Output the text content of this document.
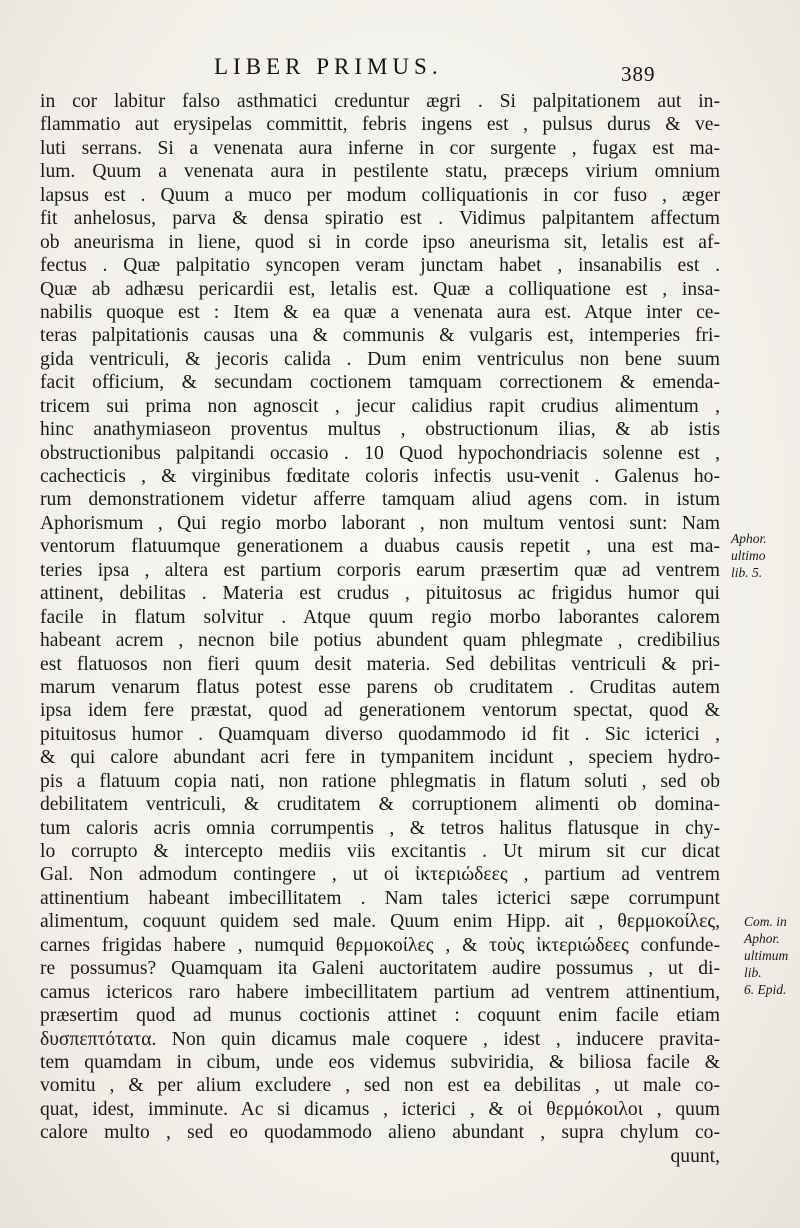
LIBER PRIMUS.	389
in cor labitur falso asthmatici creduntur ægri . Si palpitationem aut in-
flammatio aut erysipelas committit, febris ingens est , pulsus durus & ve-
luti serrans. Si a venenata aura inferne in cor surgente , fugax est ma-
lum. Quum a venenata aura in pestilente statu, præceps virium omnium
lapsus est . Quum a muco per modum colliquationis in cor fuso , æger
fit anhelosus, parva & densa spiratio est . Vidimus palpitantem affectum
ob aneurisma in liene, quod si in corde ipso aneurisma sit, letalis est af-
fectus . Quæ palpitatio syncopen veram junctam habet , insanabilis est .
Quæ ab adhæsu pericardii est, letalis est. Quæ a colliquatione est , insa-
nabilis quoque est : Item & ea quæ a venenata aura est. Atque inter ce-
teras palpitationis causas una & communis & vulgaris est, intemperies fri-
gida ventriculi, & jecoris calida . Dum enim ventriculus non bene suum
facit officium, & secundam coctionem tamquam correctionem & emenda-
tricem sui prima non agnoscit , jecur calidius rapit crudius alimentum ,
hinc anathymiaseon proventus multus , obstructionum ilias, & ab istis
obstructionibus palpitandi occasio . 10 Quod hypochondriacis solenne est ,
cachecticis , & virginibus fœditate coloris infectis usu-venit . Galenus ho-
rum demonstrationem videtur afferre tamquam aliud agens com. in istum
Aphorismum , Qui regio morbo laborant , non multum ventosi sunt: Nam
ventorum flatuumque generationem a duabus causis repetit , una est ma-
teries ipsa , altera est partium corporis earum præsertim quæ ad ventrem
attinent, debilitas . Materia est crudus , pituitosus ac frigidus humor qui
facile in flatum solvitur . Atque quum regio morbo laborantes calorem
habeant acrem , necnon bile potius abundent quam phlegmate , credibilius
est flatuosos non fieri quum desit materia. Sed debilitas ventriculi & pri-
marum venarum flatus potest esse parens ob cruditatem . Cruditas autem
ipsa idem fere præstat, quod ad generationem ventorum spectat, quod &
pituitosus humor . Quamquam diverso quodammodo id fit . Sic icterici ,
& qui calore abundant acri fere in tympanitem incidunt , speciem hydro-
pis a flatuum copia nati, non ratione phlegmatis in flatum soluti , sed ob
debilitatem ventriculi, & cruditatem & corruptionem alimenti ob domina-
tum caloris acris omnia corrumpentis , & tetros halitus flatusque in chy-
lo corrupto & intercepto mediis viis excitantis . Ut mirum sit cur dicat
Gal. Non admodum contingere , ut οἱ ἰκτεριώδεες , partium ad ventrem
attinentium habeant imbecillitatem . Nam tales icterici sæpe corrumpunt
alimentum, coquunt quidem sed male. Quum enim Hipp. ait , θερμοκοίλες,
carnes frigidas habere , numquid θερμοκοίλες , & τοὺς ἰκτεριώδεες confunde-
re possumus? Quamquam ita Galeni auctoritatem audire possumus , ut di-
camus ictericos raro habere imbecillitatem partium ad ventrem attinentium,
præsertim quod ad munus coctionis attinet : coquunt enim facile etiam
δυσπεπτότατα. Non quin dicamus male coquere , idest , inducere pravita-
tem quamdam in cibum, unde eos videmus subviridia, & biliosa facile &
vomitu , & per alium excludere , sed non est ea debilitas , ut male co-
quat, idest, imminute. Ac si dicamus , icterici , & οἱ θερμόκοιλοι , quum
calore multo , sed eo quodammodo alieno abundant , supra chylum co-
quunt,
Aphor.
ultimo
lib. 5.
Com. in
Aphor.
ultimum
lib.
6. Epid.
